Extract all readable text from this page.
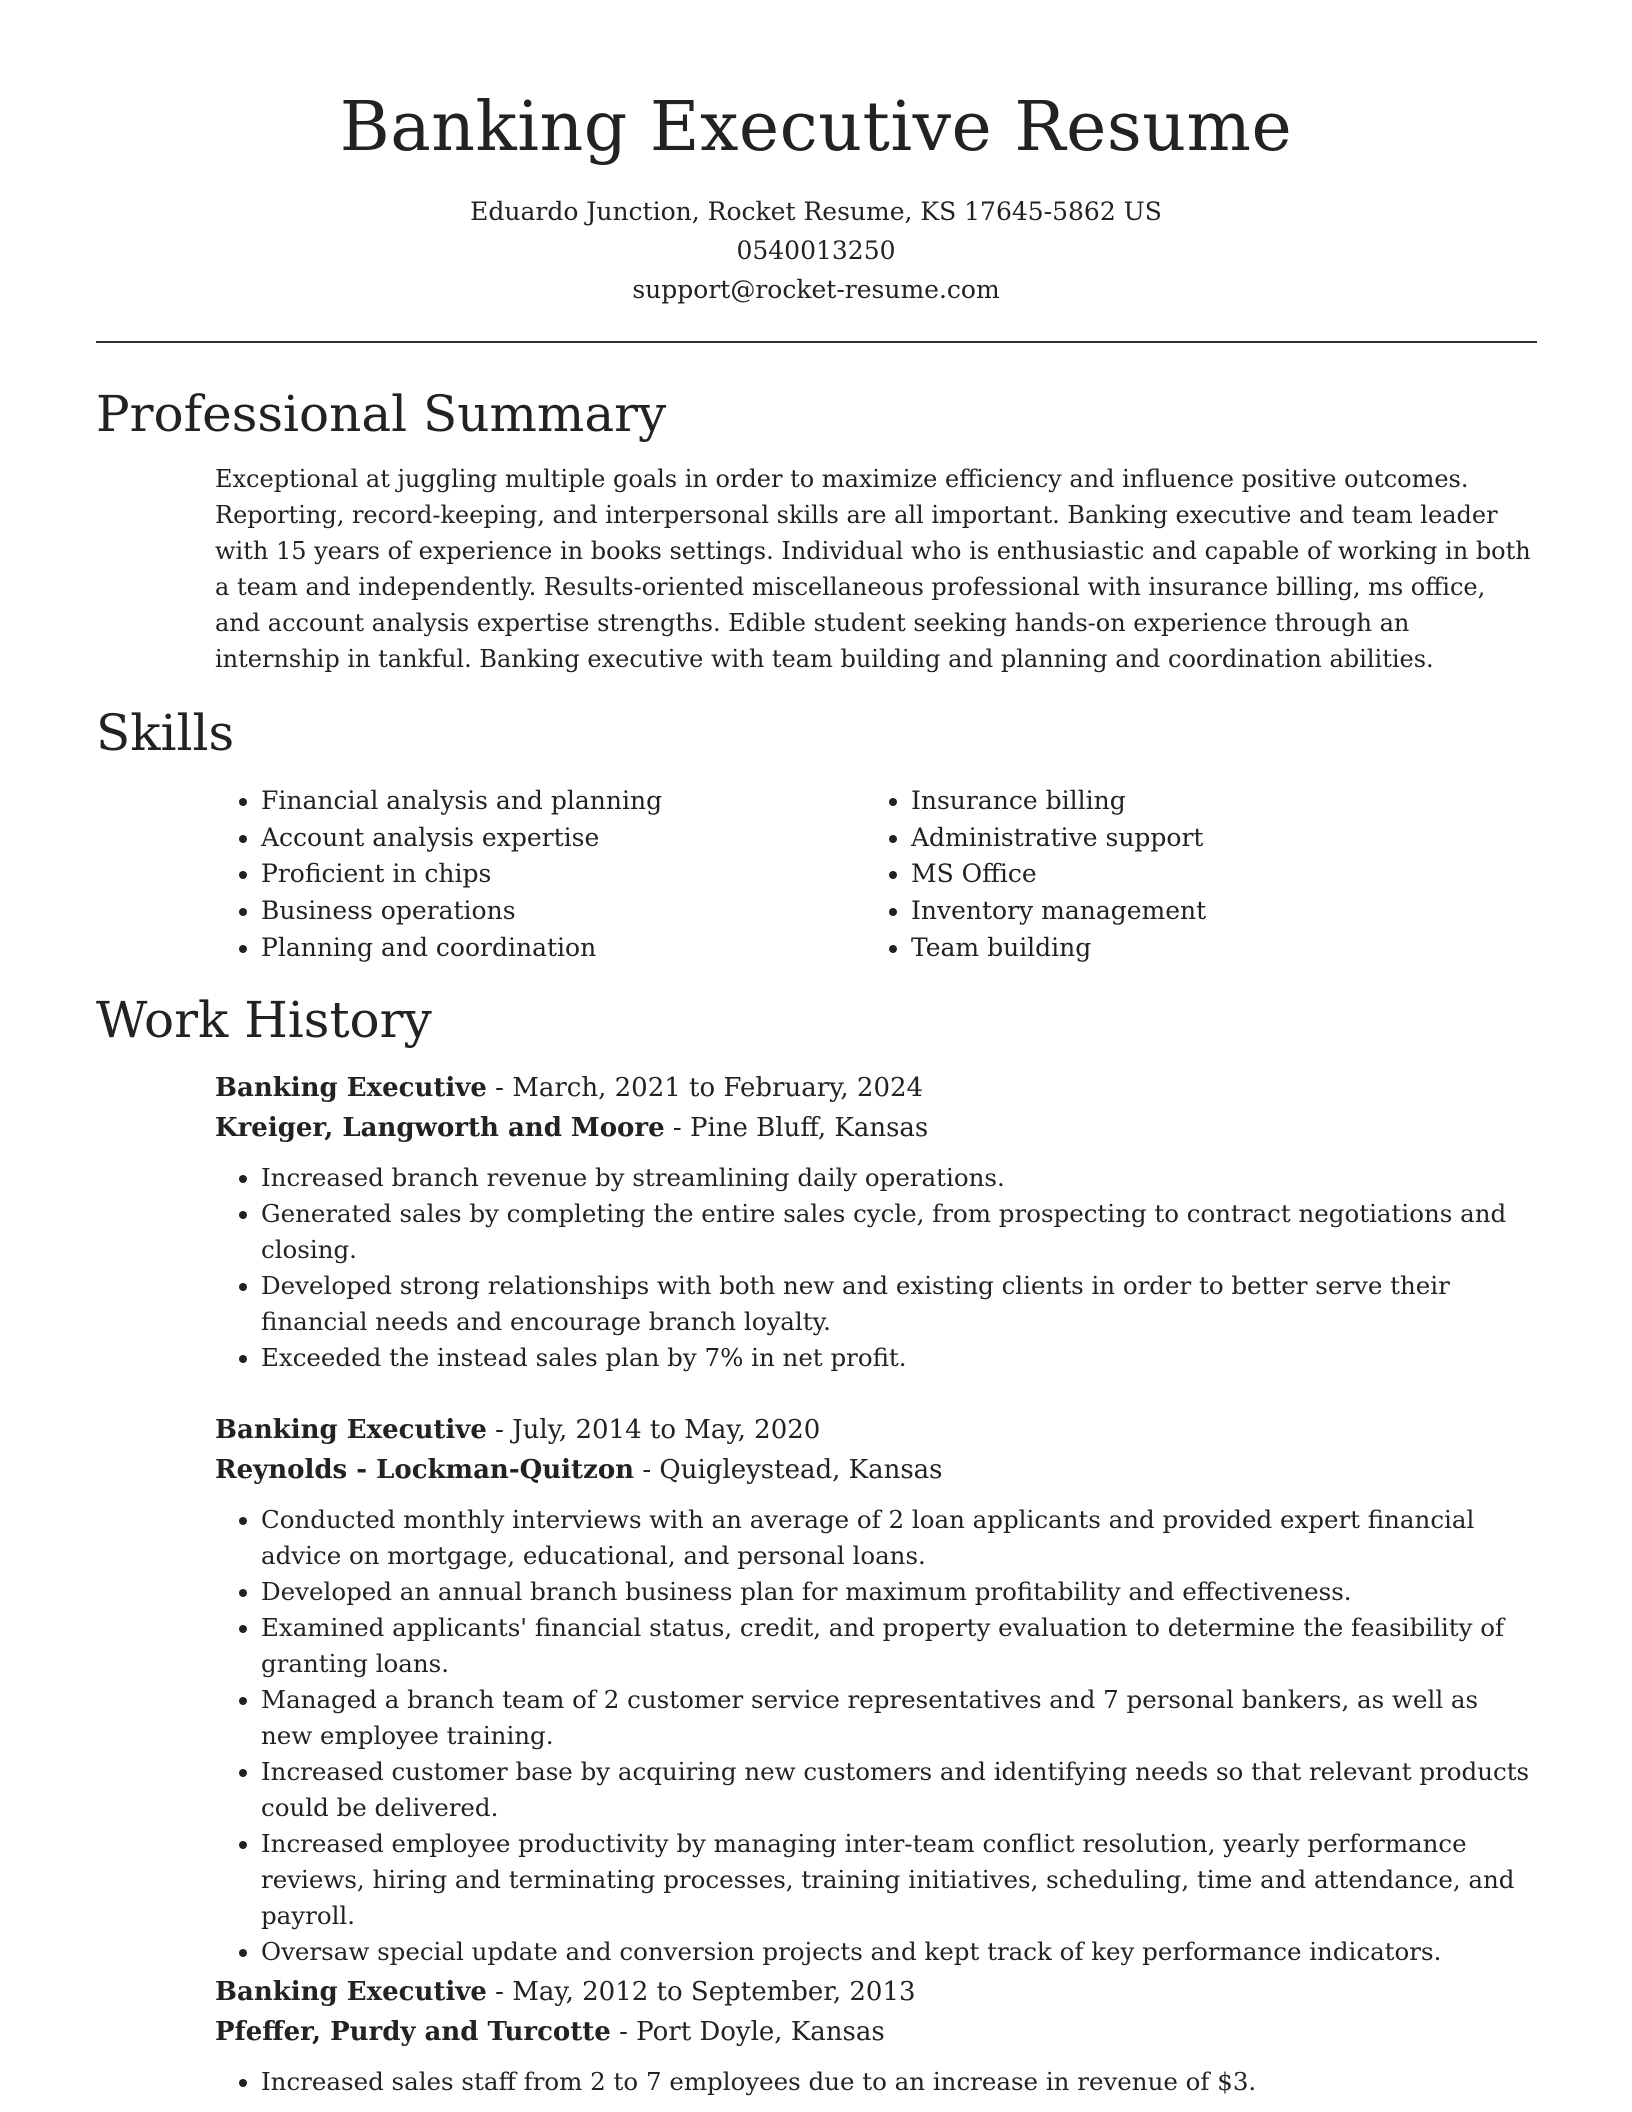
Banking Executive Resume
Eduardo Junction, Rocket Resume, KS 17645-5862 US
0540013250
support@rocket-resume.com
Professional Summary

Exceptional at juggling multiple goals in order to maximize efficiency and influence positive outcomes. Reporting, record-keeping, and interpersonal skills are all important. Banking executive and team leader with 15 years of experience in books settings. Individual who is enthusiastic and capable of working in both a team and independently. Results-oriented miscellaneous professional with insurance billing, ms office, and account analysis expertise strengths. Edible student seeking hands-on experience through an internship in tankful. Banking executive with team building and planning and coordination abilities.

Skills
• Financial analysis and planning
• Account analysis expertise
• Proficient in chips
• Business operations
• Planning and coordination
• Insurance billing
• Administrative support
• MS Office
• Inventory management
• Team building
Work History
Banking Executive - March, 2021 to February, 2024
Kreiger, Langworth and Moore - Pine Bluff, Kansas
• Increased branch revenue by streamlining daily operations.
• Generated sales by completing the entire sales cycle, from prospecting to contract negotiations and closing.
• Developed strong relationships with both new and existing clients in order to better serve their financial needs and encourage branch loyalty.
• Exceeded the instead sales plan by 7% in net profit.
Banking Executive - July, 2014 to May, 2020
Reynolds - Lockman-Quitzon - Quigleystead, Kansas
• Conducted monthly interviews with an average of 2 loan applicants and provided expert financial advice on mortgage, educational, and personal loans.
• Developed an annual branch business plan for maximum profitability and effectiveness.
• Examined applicants' financial status, credit, and property evaluation to determine the feasibility of granting loans.
• Managed a branch team of 2 customer service representatives and 7 personal bankers, as well as new employee training.
• Increased customer base by acquiring new customers and identifying needs so that relevant products could be delivered.
• Increased employee productivity by managing inter-team conflict resolution, yearly performance reviews, hiring and terminating processes, training initiatives, scheduling, time and attendance, and payroll.
• Oversaw special update and conversion projects and kept track of key performance indicators.
Banking Executive - May, 2012 to September, 2013
Pfeffer, Purdy and Turcotte - Port Doyle, Kansas
• Increased sales staff from 2 to 7 employees due to an increase in revenue of $3.
